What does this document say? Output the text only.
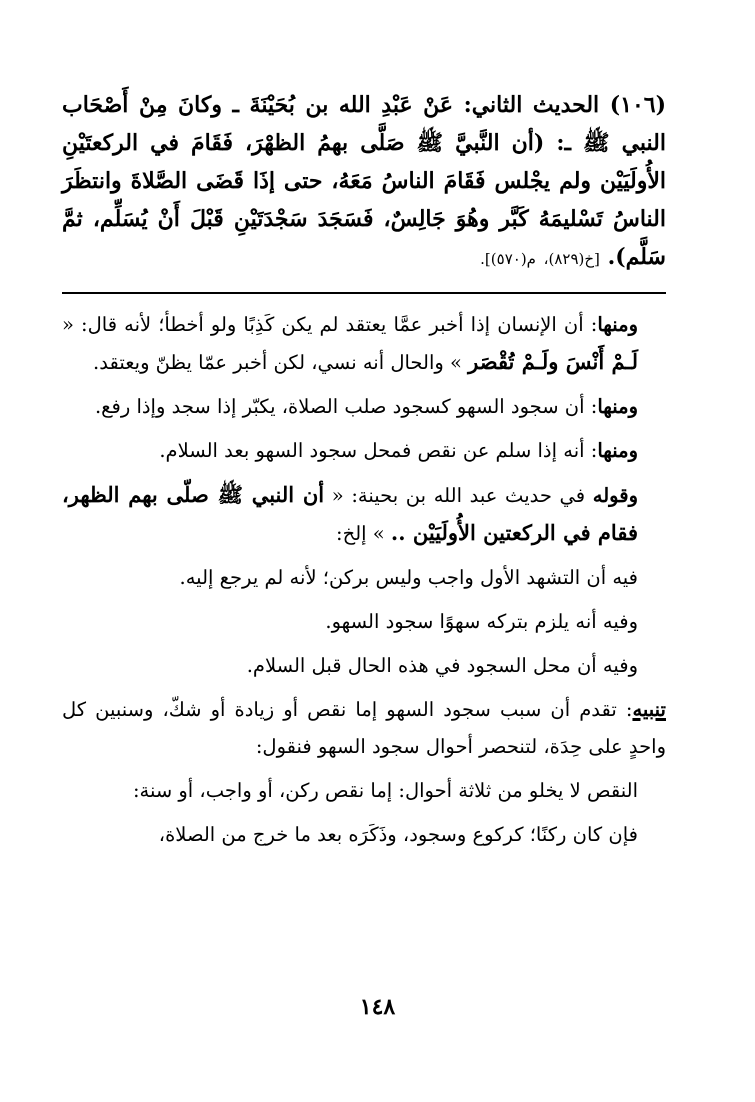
(١٠٦) الحديث الثاني: عَنْ عَبْدِ الله بن بُحَيْنَةَ ـ وكانَ مِنْ أَصْحَاب النبي ﷺ ـ: (أن النَّبيَّ ﷺ صَلَّى بهمُ الظهْرَ، فَقَامَ في الركعتَيْنِ الأُولَيَيْن ولم يجْلس فَقَامَ الناسُ مَعَهُ، حتى إذَا قَضَى الصَّلاةَ وانتظَرَ الناسُ تَسْليمَهُ كَبَّر وهُوَ جَالِسٌ، فَسَجَدَ سَجْدَتَيْنِ قَبْلَ أَنْ يُسَلِّم، ثمَّ سَلَّم). [خ(٨٢٩)، م(٥٧٠)].

ومنها: أن الإنسان إذا أخبر عمَّا يعتقد لم يكن كَذِبًا ولو أخطأ؛ لأنه قال: « لَـمْ أَنْسَ ولَـمْ تُقْصَر » والحال أنه نسي، لكن أخبر عمّا يظنّ ويعتقد.

ومنها: أن سجود السهو كسجود صلب الصلاة، يكبّر إذا سجد وإذا رفع.

ومنها: أنه إذا سلم عن نقص فمحل سجود السهو بعد السلام.

وقوله في حديث عبد الله بن بحينة: « أن النبي ﷺ صلّى بهم الظهر، فقام في الركعتين الأُولَيَيْن .. » إلخ:

فيه أن التشهد الأول واجب وليس بركن؛ لأنه لم يرجع إليه.

وفيه أنه يلزم بتركه سهوًا سجود السهو.

وفيه أن محل السجود في هذه الحال قبل السلام.

تنبيه: تقدم أن سبب سجود السهو إما نقص أو زيادة أو شكّ، وسنبين كل واحدٍ على حِدَة، لتنحصر أحوال سجود السهو فنقول:

النقص لا يخلو من ثلاثة أحوال: إما نقص ركن، أو واجب، أو سنة:

فإن كان ركنًا؛ كركوع وسجود، وذَكَرَه بعد ما خرج من الصلاة،

١٤٨
